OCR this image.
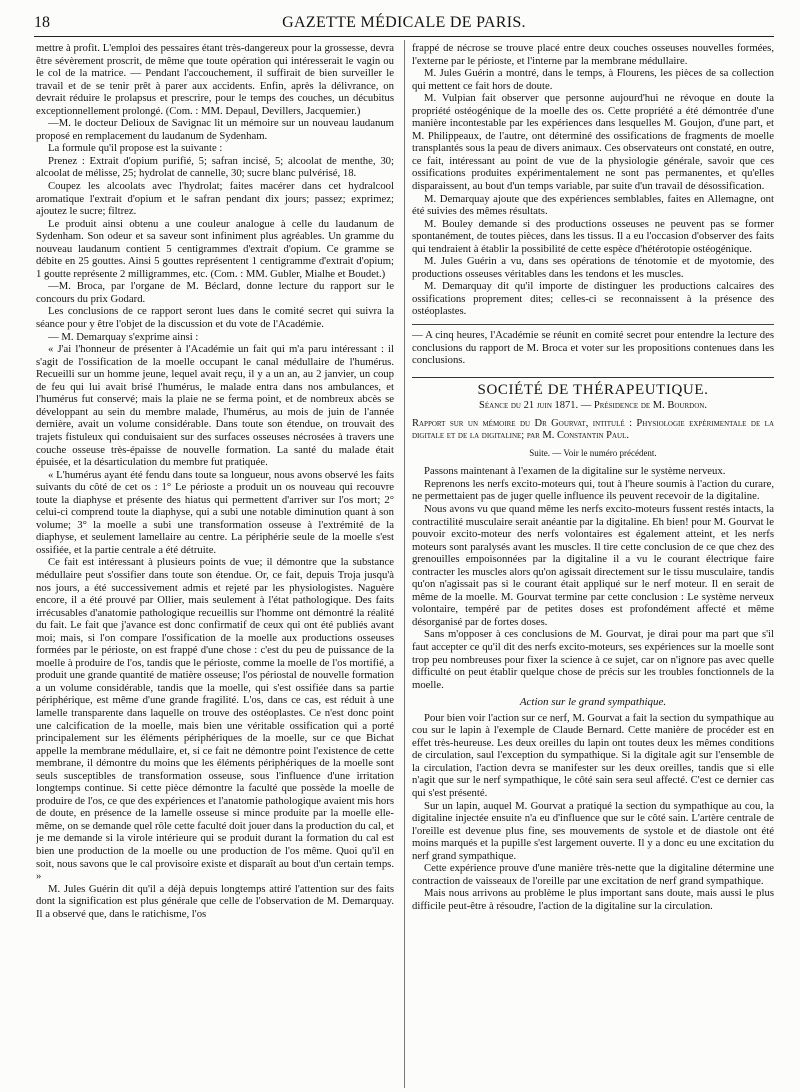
18	GAZETTE MÉDICALE DE PARIS.

mettre à profit. L'emploi des pessaires étant très-dangereux pour la grossesse, devra être sévèrement proscrit, de même que toute opération qui intéresserait le vagin ou le col de la matrice. — Pendant l'accouchement, il suffirait de bien surveiller le travail et de se tenir prêt à parer aux accidents. Enfin, après la délivrance, on devrait réduire le prolapsus et prescrire, pour le temps des couches, un décubitus exceptionnellement prolongé. (Com. : MM. Depaul, Devillers, Jacquemier.)

—M. le docteur Delioux de Savignac lit un mémoire sur un nouveau laudanum proposé en remplacement du laudanum de Sydenham.

La formule qu'il propose est la suivante :

Prenez : Extrait d'opium purifié, 5; safran incisé, 5; alcoolat de menthe, 30; alcoolat de mélisse, 25; hydrolat de cannelle, 30; sucre blanc pulvérisé, 18.

Coupez les alcoolats avec l'hydrolat; faites macérer dans cet hydralcool aromatique l'extrait d'opium et le safran pendant dix jours; passez; exprimez; ajoutez le sucre; filtrez.

Le produit ainsi obtenu a une couleur analogue à celle du laudanum de Sydenham. Son odeur et sa saveur sont infiniment plus agréables. Un gramme du nouveau laudanum contient 5 centigrammes d'extrait d'opium. Ce gramme se débite en 25 gouttes. Ainsi 5 gouttes représentent 1 centigramme d'extrait d'opium; 1 goutte représente 2 milligrammes, etc. (Com. : MM. Gubler, Mialhe et Boudet.)

—M. Broca, par l'organe de M. Béclard, donne lecture du rapport sur le concours du prix Godard.

Les conclusions de ce rapport seront lues dans le comité secret qui suivra la séance pour y être l'objet de la discussion et du vote de l'Académie.

— M. Demarquay s'exprime ainsi :

« J'ai l'honneur de présenter à l'Académie un fait qui m'a paru intéressant : il s'agit de l'ossification de la moelle occupant le canal médullaire de l'humérus. Recueilli sur un homme jeune, lequel avait reçu, il y a un an, au 2 janvier, un coup de feu qui lui avait brisé l'humérus, le malade entra dans nos ambulances, et l'humérus fut conservé; mais la plaie ne se ferma point, et de nombreux abcès se développant au sein du membre malade, l'humérus, au mois de juin de l'année dernière, avait un volume considérable. Dans toute son étendue, on trouvait des trajets fistuleux qui conduisaient sur des surfaces osseuses nécrosées à travers une couche osseuse très-épaisse de nouvelle formation. La santé du malade était épuisée, et la désarticulation du membre fut pratiquée.

« L'humérus ayant été fendu dans toute sa longueur, nous avons observé les faits suivants du côté de cet os : 1° Le périoste a produit un os nouveau qui recouvre toute la diaphyse et présente des hiatus qui permettent d'arriver sur l'os mort; 2° celui-ci comprend toute la diaphyse, qui a subi une notable diminution quant à son volume; 3° la moelle a subi une transformation osseuse à l'extrémité de la diaphyse, et seulement lamellaire au centre. La périphérie seule de la moelle s'est ossifiée, et la partie centrale a été détruite.

Ce fait est intéressant à plusieurs points de vue; il démontre que la substance médullaire peut s'ossifier dans toute son étendue. Or, ce fait, depuis Troja jusqu'à nos jours, a été successivement admis et rejeté par les physiologistes. Naguère encore, il a été prouvé par Ollier, mais seulement à l'état pathologique. Des faits irrécusables d'anatomie pathologique recueillis sur l'homme ont démontré la réalité du fait. Le fait que j'avance est donc confirmatif de ceux qui ont été publiés avant moi; mais, si l'on compare l'ossification de la moelle aux productions osseuses formées par le périoste, on est frappé d'une chose : c'est du peu de puissance de la moelle à produire de l'os, tandis que le périoste, comme la moelle de l'os mortifié, a produit une grande quantité de matière osseuse; l'os périostal de nouvelle formation a un volume considérable, tandis que la moelle, qui s'est ossifiée dans sa partie périphérique, est même d'une grande fragilité. L'os, dans ce cas, est réduit à une lamelle transparente dans laquelle on trouve des ostéoplastes. Ce n'est donc point une calcification de la moelle, mais bien une véritable ossification qui a porté principalement sur les éléments périphériques de la moelle, sur ce que Bichat appelle la membrane médullaire, et, si ce fait ne démontre point l'existence de cette membrane, il démontre du moins que les éléments périphériques de la moelle sont seuls susceptibles de transformation osseuse, sous l'influence d'une irritation longtemps continue. Si cette pièce démontre la faculté que possède la moelle de produire de l'os, ce que des expériences et l'anatomie pathologique avaient mis hors de doute, en présence de la lamelle osseuse si mince produite par la moelle elle-même, on se demande quel rôle cette faculté doit jouer dans la production du cal, et je me demande si la virole intérieure qui se produit durant la formation du cal est bien une production de la moelle ou une production de l'os même. Quoi qu'il en soit, nous savons que le cal provisoire existe et disparaît au bout d'un certain temps. »

M. Jules Guérin dit qu'il a déjà depuis longtemps attiré l'attention sur des faits dont la signification est plus générale que celle de l'observation de M. Demarquay. Il a observé que, dans le ratichisme, l'os

frappé de nécrose se trouve placé entre deux couches osseuses nouvelles formées, l'externe par le périoste, et l'interne par la membrane médullaire.

M. Jules Guérin a montré, dans le temps, à Flourens, les pièces de sa collection qui mettent ce fait hors de doute.

M. Vulpian fait observer que personne aujourd'hui ne révoque en doute la propriété ostéogénique de la moelle des os. Cette propriété a été démontrée d'une manière incontestable par les expériences dans lesquelles M. Goujon, d'une part, et M. Philippeaux, de l'autre, ont déterminé des ossifications de fragments de moelle transplantés sous la peau de divers animaux. Ces observateurs ont constaté, en outre, ce fait, intéressant au point de vue de la physiologie générale, savoir que ces ossifications produites expérimentalement ne sont pas permanentes, et qu'elles disparaissent, au bout d'un temps variable, par suite d'un travail de désossification.

M. Demarquay ajoute que des expériences semblables, faites en Allemagne, ont été suivies des mêmes résultats.

M. Bouley demande si des productions osseuses ne peuvent pas se former spontanément, de toutes pièces, dans les tissus. Il a eu l'occasion d'observer des faits qui tendraient à établir la possibilité de cette espèce d'hétérotopie ostéogénique.

M. Jules Guérin a vu, dans ses opérations de ténotomie et de myotomie, des productions osseuses véritables dans les tendons et les muscles.

M. Demarquay dit qu'il importe de distinguer les productions calcaires des ossifications proprement dites; celles-ci se reconnaissent à la présence des ostéoplastes.

— A cinq heures, l'Académie se réunit en comité secret pour entendre la lecture des conclusions du rapport de M. Broca et voter sur les propositions contenues dans les conclusions.

SOCIÉTÉ DE THÉRAPEUTIQUE.
Séance du 21 juin 1871. — Présidence de M. Bourdon.
Rapport sur un mémoire du Dr Gourvat, intitulé : Physiologie expérimentale de la digitale et de la digitaline; par M. Constantin Paul.
Suite. — Voir le numéro précédent.

Passons maintenant à l'examen de la digitaline sur le système nerveux.

Reprenons les nerfs excito-moteurs qui, tout à l'heure soumis à l'action du curare, ne permettaient pas de juger quelle influence ils peuvent recevoir de la digitaline.

Nous avons vu que quand même les nerfs excito-moteurs fussent restés intacts, la contractilité musculaire serait anéantie par la digitaline. Eh bien! pour M. Gourvat le pouvoir excito-moteur des nerfs volontaires est également atteint, et les nerfs moteurs sont paralysés avant les muscles. Il tire cette conclusion de ce que chez des grenouilles empoisonnées par la digitaline il a vu le courant électrique faire contracter les muscles alors qu'on agissait directement sur le tissu musculaire, tandis qu'on n'agissait pas si le courant était appliqué sur le nerf moteur. Il en serait de même de la moelle. M. Gourvat termine par cette conclusion : Le système nerveux volontaire, tempéré par de petites doses est profondément affecté et même désorganisé par de fortes doses.

Sans m'opposer à ces conclusions de M. Gourvat, je dirai pour ma part que s'il faut accepter ce qu'il dit des nerfs excito-moteurs, ses expériences sur la moelle sont trop peu nombreuses pour fixer la science à ce sujet, car on n'ignore pas avec quelle difficulté on peut établir quelque chose de précis sur les troubles fonctionnels de la moelle.

Action sur le grand sympathique.

Pour bien voir l'action sur ce nerf, M. Gourvat a fait la section du sympathique au cou sur le lapin à l'exemple de Claude Bernard. Cette manière de procéder est en effet très-heureuse. Les deux oreilles du lapin ont toutes deux les mêmes conditions de circulation, saul l'exception du sympathique. Si la digitale agit sur l'ensemble de la circulation, l'action devra se manifester sur les deux oreilles, tandis que si elle n'agit que sur le nerf sympathique, le côté sain sera seul affecté. C'est ce dernier cas qui s'est présenté.

Sur un lapin, auquel M. Gourvat a pratiqué la section du sympathique au cou, la digitaline injectée ensuite n'a eu d'influence que sur le côté sain. L'artère centrale de l'oreille est devenue plus fine, ses mouvements de systole et de diastole ont été moins marqués et la pupille s'est largement ouverte. Il y a donc eu une excitation du nerf grand sympathique.

Cette expérience prouve d'une manière très-nette que la digitaline détermine une contraction de vaisseaux de l'oreille par une excitation de nerf grand sympathique.

Mais nous arrivons au problème le plus important sans doute, mais aussi le plus difficile peut-être à résoudre, l'action de la digitaline sur la circulation.
